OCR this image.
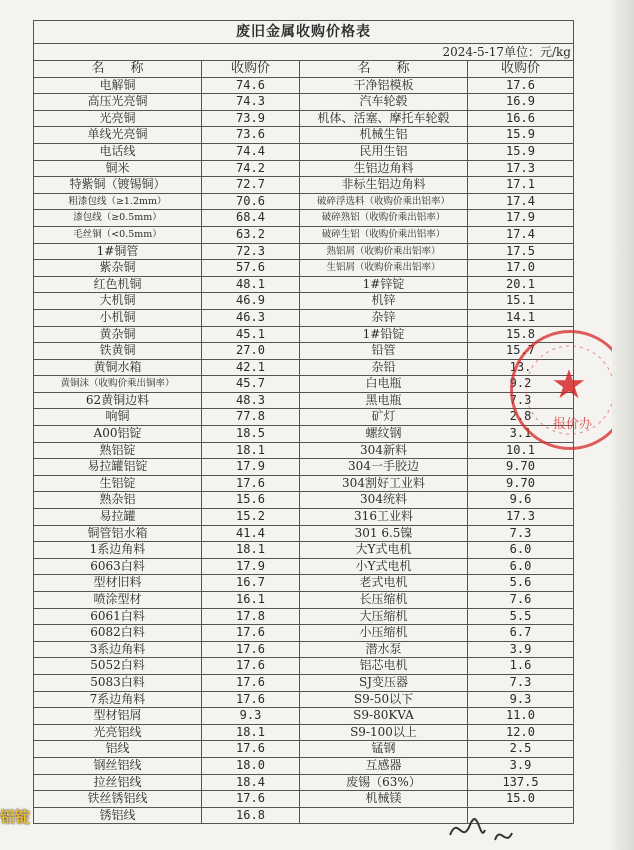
废旧金属收购价格表			
2024-5-17单位：元/kg			
名　　称	收购价	名　　称	收购价
电解铜	74.6	干净铝模板	17.6
高压光亮铜	74.3	汽车轮毂	16.9
光亮铜	73.9	机体、活塞、摩托车轮毂	16.6
单线光亮铜	73.6	机械生铝	15.9
电话线	74.4	民用生铝	15.9
铜米	74.2	生铝边角料	17.3
特紫铜（镀锡铜）	72.7	非标生铝边角料	17.1
粗漆包线（≥1.2mm）	70.6	破碎浮选料（收购价乘出铝率）	17.4
漆包线（≥0.5mm）	68.4	破碎熟铝（收购价乘出铝率）	17.9
毛丝铜（<0.5mm）	63.2	破碎生铝（收购价乘出铝率）	17.4
1#铜管	72.3	熟铝屑（收购价乘出铝率）	17.5
紫杂铜	57.6	生铝屑（收购价乘出铝率）	17.0
红色机铜	48.1	1#锌锭	20.1
大机铜	46.9	机锌	15.1
小机铜	46.3	杂锌	14.1
黄杂铜	45.1	1#铅锭	15.8
铁黄铜	27.0	铅管	15.7
黄铜水箱	42.1	杂铅	13.
黄铜沫（收购价乘出铜率）	45.7	白电瓶	9.2
62黄铜边料	48.3	黑电瓶	7.3
响铜	77.8	矿灯	2.8
A00铝锭	18.5	螺纹钢	3.1
熟铝锭	18.1	304新料	10.1
易拉罐铝锭	17.9	304一手胶边	9.70
生铝锭	17.6	304割好工业料	9.70
熟杂铝	15.6	304统料	9.6
易拉罐	15.2	316工业料	17.3
铜管铝水箱	41.4	301 6.5镍	7.3
1系边角料	18.1	大Y式电机	6.0
6063白料	17.9	小Y式电机	6.0
型材旧料	16.7	老式电机	5.6
喷涂型材	16.1	长压缩机	7.6
6061白料	17.8	大压缩机	5.5
6082白料	17.6	小压缩机	6.7
3系边角料	17.6	潜水泵	3.9
5052白料	17.6	铝芯电机	1.6
5083白料	17.6	SJ变压器	7.3
7系边角料	17.6	S9-50以下	9.3
型材铝屑	9.3	S9-80KVA	11.0
光亮铝线	18.1	S9-100以上	12.0
铝线	17.6	锰钢	2.5
钢丝铝线	18.0	互感器	3.9
拉丝铝线	18.4	废锡（63%）	137.5
铁丝锈铝线	17.6	机械镁	15.0
锈铝线	16.8		
★
报价办
铝锭
